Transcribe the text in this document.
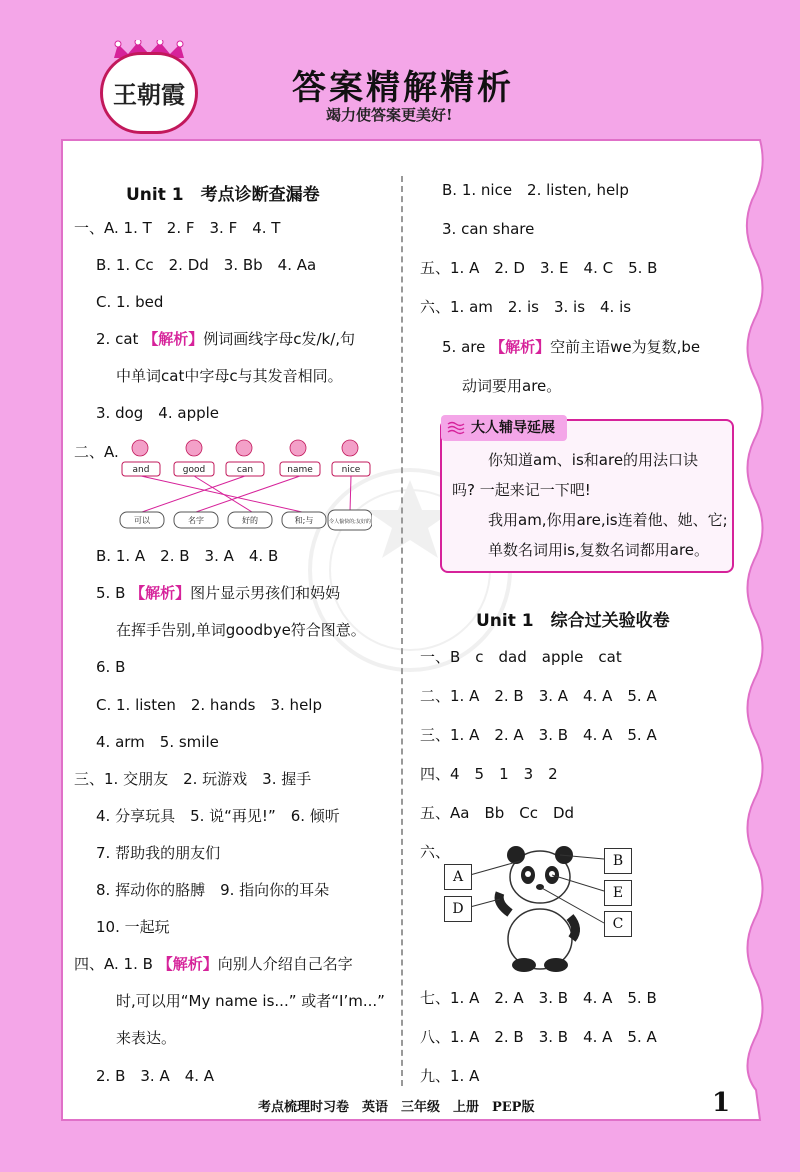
王朝霞	答案精解精析
竭力使答案更美好!
Unit 1　考点诊断查漏卷
一、A. 1. T　2. F　3. F　4. T
B. 1. Cc　2. Dd　3. Bb　4. Aa
C. 1. bed
2. cat 【解析】例词画线字母c发/k/,句
中单词cat中字母c与其发音相同。
3. dog　4. apple
二、A.
and	good	can	name	nice
可以	名字	好的	和;与	令人愉快的;友好的
B. 1. A　2. B　3. A　4. B
5. B 【解析】图片显示男孩们和妈妈
在挥手告别,单词goodbye符合图意。
6. B
C. 1. listen　2. hands　3. help
4. arm　5. smile
三、1. 交朋友　2. 玩游戏　3. 握手
4. 分享玩具　5. 说“再见!”　6. 倾听
7. 帮助我的朋友们
8. 挥动你的胳膊　9. 指向你的耳朵
10. 一起玩
四、A. 1. B 【解析】向别人介绍自己名字
时,可以用“My name is...” 或者“I’m...”
来表达。
2. B　3. A　4. A
B. 1. nice　2. listen, help
3. can share
五、1. A　2. D　3. E　4. C　5. B
六、1. am　2. is　3. is　4. is
5. are 【解析】空前主语we为复数,be
动词要用are。
大人辅导延展
你知道am、is和are的用法口诀
吗? 一起来记一下吧!
我用am,你用are,is连着他、她、它;
单数名词用is,复数名词都用are。
Unit 1　综合过关验收卷
一、B　c　dad　apple　cat
二、1. A　2. B　3. A　4. A　5. A
三、1. A　2. A　3. B　4. A　5. A
四、4　5　1　3　2
五、Aa　Bb　Cc　Dd
六、
A
D
B
E
C
七、1. A　2. A　3. B　4. A　5. B
八、1. A　2. B　3. B　4. A　5. A
九、1. A
考点梳理时习卷　英语　三年级　上册　PEP版	1
